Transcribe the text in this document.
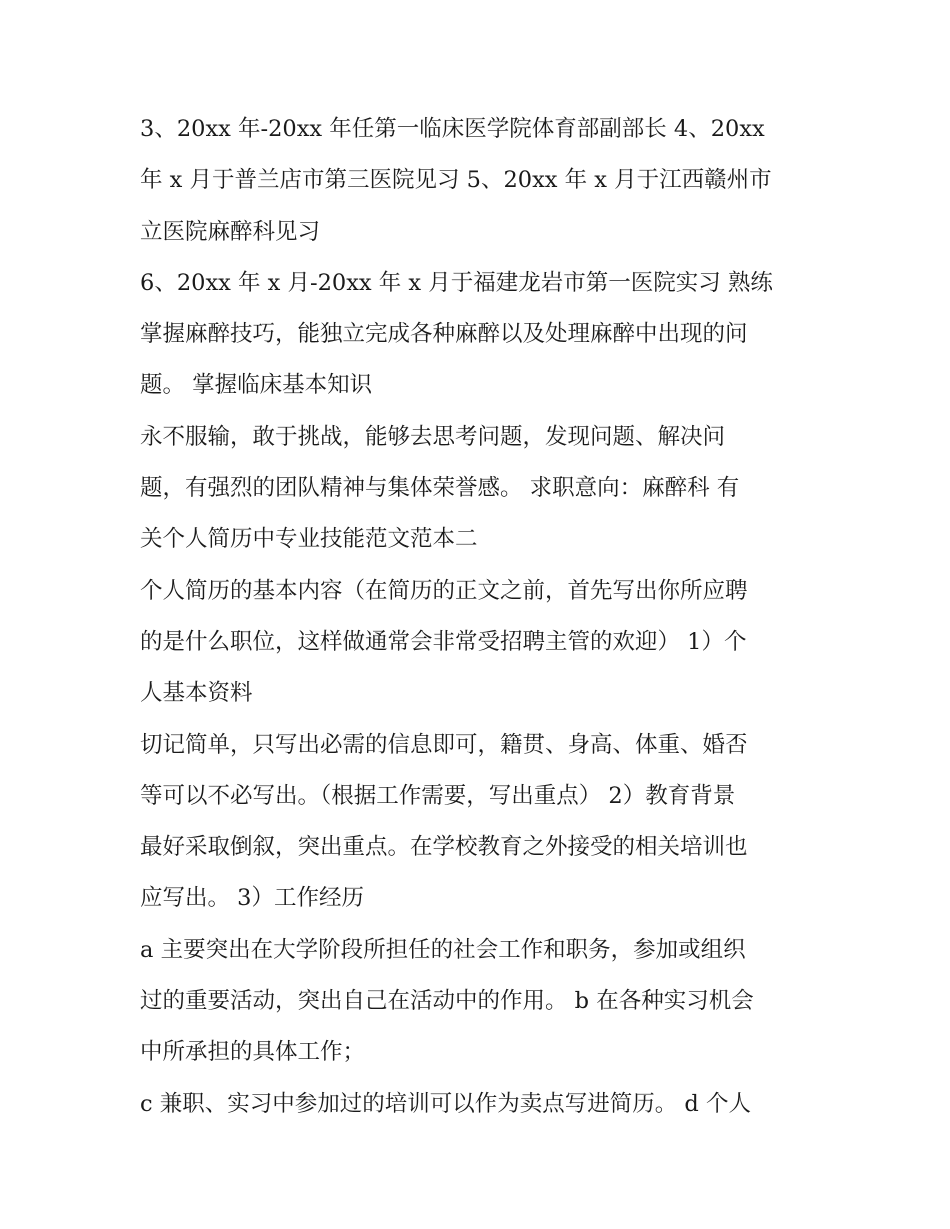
3、20xx 年-20xx 年任第一临床医学院体育部副部长 4、20xx
年 x 月于普兰店市第三医院见习 5、20xx 年 x 月于江西赣州市
立医院麻醉科见习
6、20xx 年 x 月-20xx 年 x 月于福建龙岩市第一医院实习 熟练
掌握麻醉技巧，能独立完成各种麻醉以及处理麻醉中出现的问
题。 掌握临床基本知识
永不服输，敢于挑战，能够去思考问题，发现问题、解决问
题，有强烈的团队精神与集体荣誉感。 求职意向：麻醉科 有
关个人简历中专业技能范文范本二
个人简历的基本内容（在简历的正文之前，首先写出你所应聘
的是什么职位，这样做通常会非常受招聘主管的欢迎） 1）个
人基本资料
切记简单，只写出必需的信息即可，籍贯、身高、体重、婚否
等可以不必写出。（根据工作需要，写出重点） 2）教育背景
最好采取倒叙，突出重点。在学校教育之外接受的相关培训也
应写出。 3）工作经历
a 主要突出在大学阶段所担任的社会工作和职务，参加或组织
过的重要活动，突出自己在活动中的作用。 b 在各种实习机会
中所承担的具体工作；
c 兼职、实习中参加过的培训可以作为卖点写进简历。 d 个人
